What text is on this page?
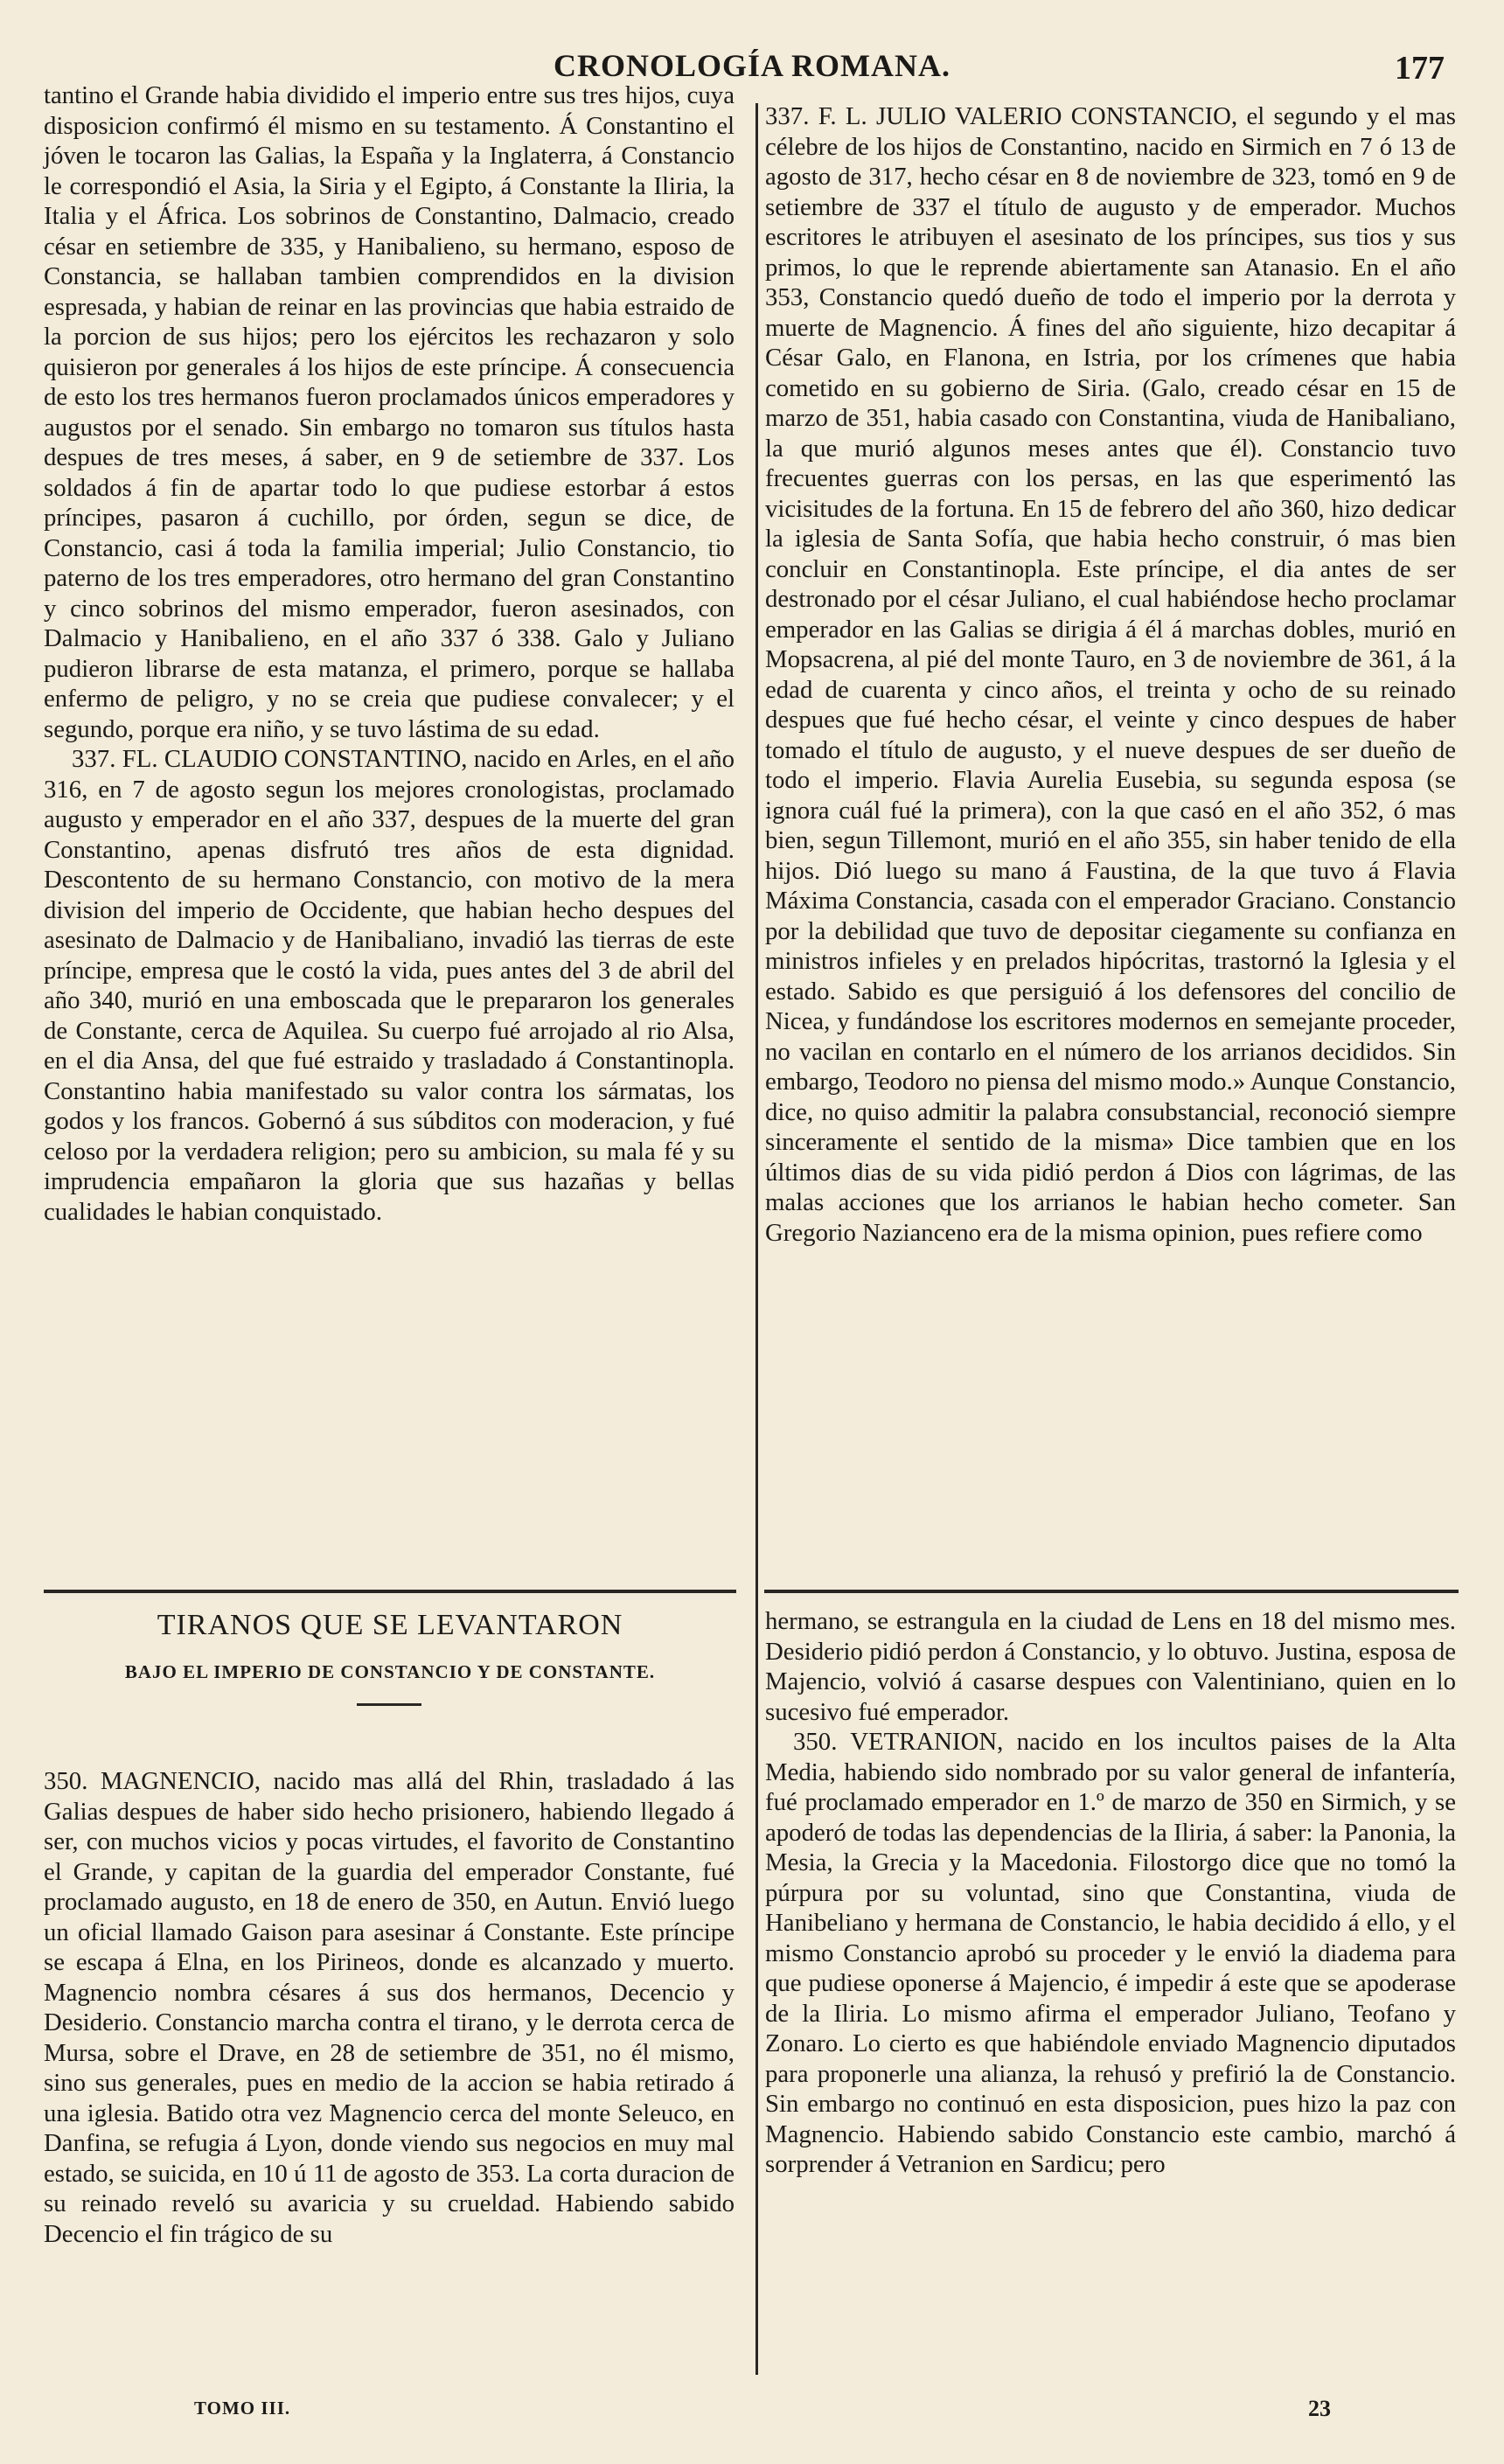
CRONOLOGÍA ROMANA.	177

tantino el Grande habia dividido el imperio entre sus tres hijos, cuya disposicion confirmó él mismo en su testamento. Á Constantino el jóven le tocaron las Galias, la España y la Inglaterra, á Constancio le correspondió el Asia, la Siria y el Egipto, á Constante la Iliria, la Italia y el África. Los sobrinos de Constantino, Dalmacio, creado césar en setiembre de 335, y Hanibalieno, su hermano, esposo de Constancia, se hallaban tambien comprendidos en la division espresada, y habian de reinar en las provincias que habia estraido de la porcion de sus hijos; pero los ejércitos les rechazaron y solo quisieron por generales á los hijos de este príncipe. Á consecuencia de esto los tres hermanos fueron proclamados únicos emperadores y augustos por el senado. Sin embargo no tomaron sus títulos hasta despues de tres meses, á saber, en 9 de setiembre de 337. Los soldados á fin de apartar todo lo que pudiese estorbar á estos príncipes, pasaron á cuchillo, por órden, segun se dice, de Constancio, casi á toda la familia imperial; Julio Constancio, tio paterno de los tres emperadores, otro hermano del gran Constantino y cinco sobrinos del mismo emperador, fueron asesinados, con Dalmacio y Hanibalieno, en el año 337 ó 338. Galo y Juliano pudieron librarse de esta matanza, el primero, porque se hallaba enfermo de peligro, y no se creia que pudiese convalecer; y el segundo, porque era niño, y se tuvo lástima de su edad.

337. FL. CLAUDIO CONSTANTINO, nacido en Arles, en el año 316, en 7 de agosto segun los mejores cronologistas, proclamado augusto y emperador en el año 337, despues de la muerte del gran Constantino, apenas disfrutó tres años de esta dignidad. Descontento de su hermano Constancio, con motivo de la mera division del imperio de Occidente, que habian hecho despues del asesinato de Dalmacio y de Hanibaliano, invadió las tierras de este príncipe, empresa que le costó la vida, pues antes del 3 de abril del año 340, murió en una emboscada que le prepararon los generales de Constante, cerca de Aquilea. Su cuerpo fué arrojado al rio Alsa, en el dia Ansa, del que fué estraido y trasladado á Constantinopla. Constantino habia manifestado su valor contra los sármatas, los godos y los francos. Gobernó á sus súbditos con moderacion, y fué celoso por la verdadera religion; pero su ambicion, su mala fé y su imprudencia empañaron la gloria que sus hazañas y bellas cualidades le habian conquistado.

337. F. L. JULIO VALERIO CONSTANCIO, el segundo y el mas célebre de los hijos de Constantino, nacido en Sirmich en 7 ó 13 de agosto de 317, hecho césar en 8 de noviembre de 323, tomó en 9 de setiembre de 337 el título de augusto y de emperador. Muchos escritores le atribuyen el asesinato de los príncipes, sus tios y sus primos, lo que le reprende abiertamente san Atanasio. En el año 353, Constancio quedó dueño de todo el imperio por la derrota y muerte de Magnencio. Á fines del año siguiente, hizo decapitar á César Galo, en Flanona, en Istria, por los crímenes que habia cometido en su gobierno de Siria. (Galo, creado césar en 15 de marzo de 351, habia casado con Constantina, viuda de Hanibaliano, la que murió algunos meses antes que él). Constancio tuvo frecuentes guerras con los persas, en las que esperimentó las vicisitudes de la fortuna. En 15 de febrero del año 360, hizo dedicar la iglesia de Santa Sofía, que habia hecho construir, ó mas bien concluir en Constantinopla. Este príncipe, el dia antes de ser destronado por el césar Juliano, el cual habiéndose hecho proclamar emperador en las Galias se dirigia á él á marchas dobles, murió en Mopsacrena, al pié del monte Tauro, en 3 de noviembre de 361, á la edad de cuarenta y cinco años, el treinta y ocho de su reinado despues que fué hecho césar, el veinte y cinco despues de haber tomado el título de augusto, y el nueve despues de ser dueño de todo el imperio. Flavia Aurelia Eusebia, su segunda esposa (se ignora cuál fué la primera), con la que casó en el año 352, ó mas bien, segun Tillemont, murió en el año 355, sin haber tenido de ella hijos. Dió luego su mano á Faustina, de la que tuvo á Flavia Máxima Constancia, casada con el emperador Graciano. Constancio por la debilidad que tuvo de depositar ciegamente su confianza en ministros infieles y en prelados hipócritas, trastornó la Iglesia y el estado. Sabido es que persiguió á los defensores del concilio de Nicea, y fundándose los escritores modernos en semejante proceder, no vacilan en contarlo en el número de los arrianos decididos. Sin embargo, Teodoro no piensa del mismo modo.» Aunque Constancio, dice, no quiso admitir la palabra consubstancial, reconoció siempre sinceramente el sentido de la misma» Dice tambien que en los últimos dias de su vida pidió perdon á Dios con lágrimas, de las malas acciones que los arrianos le habian hecho cometer. San Gregorio Nazianceno era de la misma opinion, pues refiere como

TIRANOS QUE SE LEVANTARON
BAJO EL IMPERIO DE CONSTANCIO Y DE CONSTANTE.

350. MAGNENCIO, nacido mas allá del Rhin, trasladado á las Galias despues de haber sido hecho prisionero, habiendo llegado á ser, con muchos vicios y pocas virtudes, el favorito de Constantino el Grande, y capitan de la guardia del emperador Constante, fué proclamado augusto, en 18 de enero de 350, en Autun. Envió luego un oficial llamado Gaison para asesinar á Constante. Este príncipe se escapa á Elna, en los Pirineos, donde es alcanzado y muerto. Magnencio nombra césares á sus dos hermanos, Decencio y Desiderio. Constancio marcha contra el tirano, y le derrota cerca de Mursa, sobre el Drave, en 28 de setiembre de 351, no él mismo, sino sus generales, pues en medio de la accion se habia retirado á una iglesia. Batido otra vez Magnencio cerca del monte Seleuco, en Danfina, se refugia á Lyon, donde viendo sus negocios en muy mal estado, se suicida, en 10 ú 11 de agosto de 353. La corta duracion de su reinado reveló su avaricia y su crueldad. Habiendo sabido Decencio el fin trágico de su

hermano, se estrangula en la ciudad de Lens en 18 del mismo mes. Desiderio pidió perdon á Constancio, y lo obtuvo. Justina, esposa de Majencio, volvió á casarse despues con Valentiniano, quien en lo sucesivo fué emperador.

350. VETRANION, nacido en los incultos paises de la Alta Media, habiendo sido nombrado por su valor general de infantería, fué proclamado emperador en 1.º de marzo de 350 en Sirmich, y se apoderó de todas las dependencias de la Iliria, á saber: la Panonia, la Mesia, la Grecia y la Macedonia. Filostorgo dice que no tomó la púrpura por su voluntad, sino que Constantina, viuda de Hanibeliano y hermana de Constancio, le habia decidido á ello, y el mismo Constancio aprobó su proceder y le envió la diadema para que pudiese oponerse á Majencio, é impedir á este que se apoderase de la Iliria. Lo mismo afirma el emperador Juliano, Teofano y Zonaro. Lo cierto es que habiéndole enviado Magnencio diputados para proponerle una alianza, la rehusó y prefirió la de Constancio. Sin embargo no continuó en esta disposicion, pues hizo la paz con Magnencio. Habiendo sabido Constancio este cambio, marchó á sorprender á Vetranion en Sardicu; pero

TOMO III.	23
